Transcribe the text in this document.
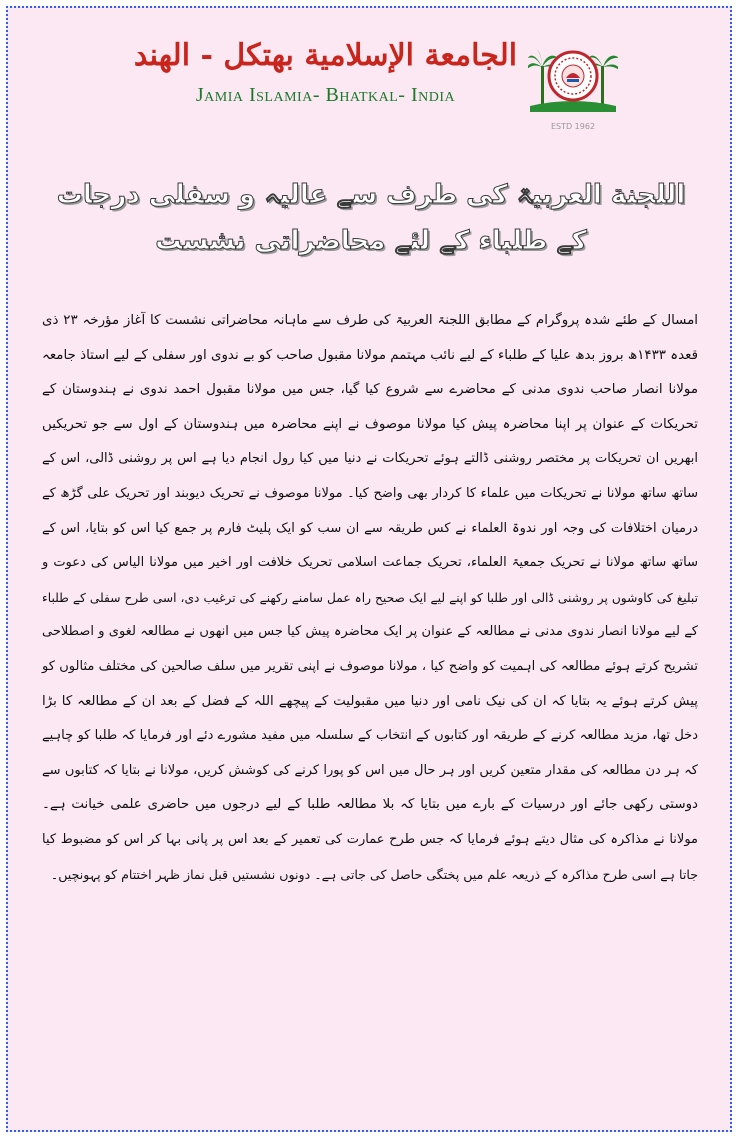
الجامعة الإسلامية بهتكل - الهند
Jamia Islamia- Bhatkal- India
ESTD 1962
اللجنة العربیۃ کی طرف سے عالیہ و سفلی درجات
کے طلباء کے لئے محاضراتی نشست
امسال کے طئے شدہ پروگرام کے مطابق اللجنۃ العربیۃ کی طرف سے ماہانہ محاضراتی نشست کا آغاز مؤرخہ ۲۳ ذی
قعدہ ۱۴۳۳ھ بروز بدھ علیا کے طلباء کے لیے نائب مہتمم مولانا مقبول صاحب کو بے ندوی اور سفلی کے لیے استاذ جامعہ
مولانا انصار صاحب ندوی مدنی کے محاضرے سے شروع کیا گیا، جس میں مولانا مقبول احمد ندوی نے ہندوستان کے
تحریکات کے عنوان پر اپنا محاضرہ پیش کیا مولانا موصوف نے اپنے محاضرہ میں ہندوستان کے اول سے جو تحریکیں
ابھریں ان تحریکات پر مختصر روشنی ڈالتے ہوئے تحریکات نے دنیا میں کیا رول انجام دیا ہے اس پر روشنی ڈالی، اس کے
ساتھ ساتھ مولانا نے تحریکات میں علماء کا کردار بھی واضح کیا۔ مولانا موصوف نے تحریک دیوبند اور تحریک علی گڑھ کے
درمیان اختلافات کی وجہ اور ندوۃ العلماء نے کس طریقہ سے ان سب کو ایک پلیٹ فارم پر جمع کیا اس کو بتایا، اس کے
ساتھ ساتھ مولانا نے تحریک جمعیۃ العلماء، تحریک جماعت اسلامی تحریک خلافت اور اخیر میں مولانا الیاس کی دعوت و
تبلیغ کی کاوشوں پر روشنی ڈالی اور طلبا کو اپنے لیے ایک صحیح راہ عمل سامنے رکھنے کی ترغیب دی، اسی طرح سفلی کے طلباء
کے لیے مولانا انصار ندوی مدنی نے مطالعہ کے عنوان پر ایک محاضرہ پیش کیا جس میں انھوں نے مطالعہ لغوی و اصطلاحی
تشریح کرتے ہوئے مطالعہ کی اہمیت کو واضح کیا ، مولانا موصوف نے اپنی تقریر میں سلف صالحین کی مختلف مثالوں کو
پیش کرتے ہوئے یہ بتایا کہ ان کی نیک نامی اور دنیا میں مقبولیت کے پیچھے اللہ کے فضل کے بعد ان کے مطالعہ کا بڑا
دخل تھا، مزید مطالعہ کرنے کے طریقہ اور کتابوں کے انتخاب کے سلسلہ میں مفید مشورے دئے اور فرمایا کہ طلبا کو چاہیے
کہ ہر دن مطالعہ کی مقدار متعین کریں اور ہر حال میں اس کو پورا کرنے کی کوشش کریں، مولانا نے بتایا کہ کتابوں سے
دوستی رکھی جائے اور درسیات کے بارے میں بتایا کہ بلا مطالعہ طلبا کے لیے درجوں میں حاضری علمی خیانت ہے۔
مولانا نے مذاکرہ کی مثال دیتے ہوئے فرمایا کہ جس طرح عمارت کی تعمیر کے بعد اس پر پانی بہا کر اس کو مضبوط کیا
جاتا ہے اسی طرح مذاکرہ کے ذریعہ علم میں پختگی حاصل کی جاتی ہے۔ دونوں نشستیں قبل نماز ظہر اختتام کو پہونچیں۔
